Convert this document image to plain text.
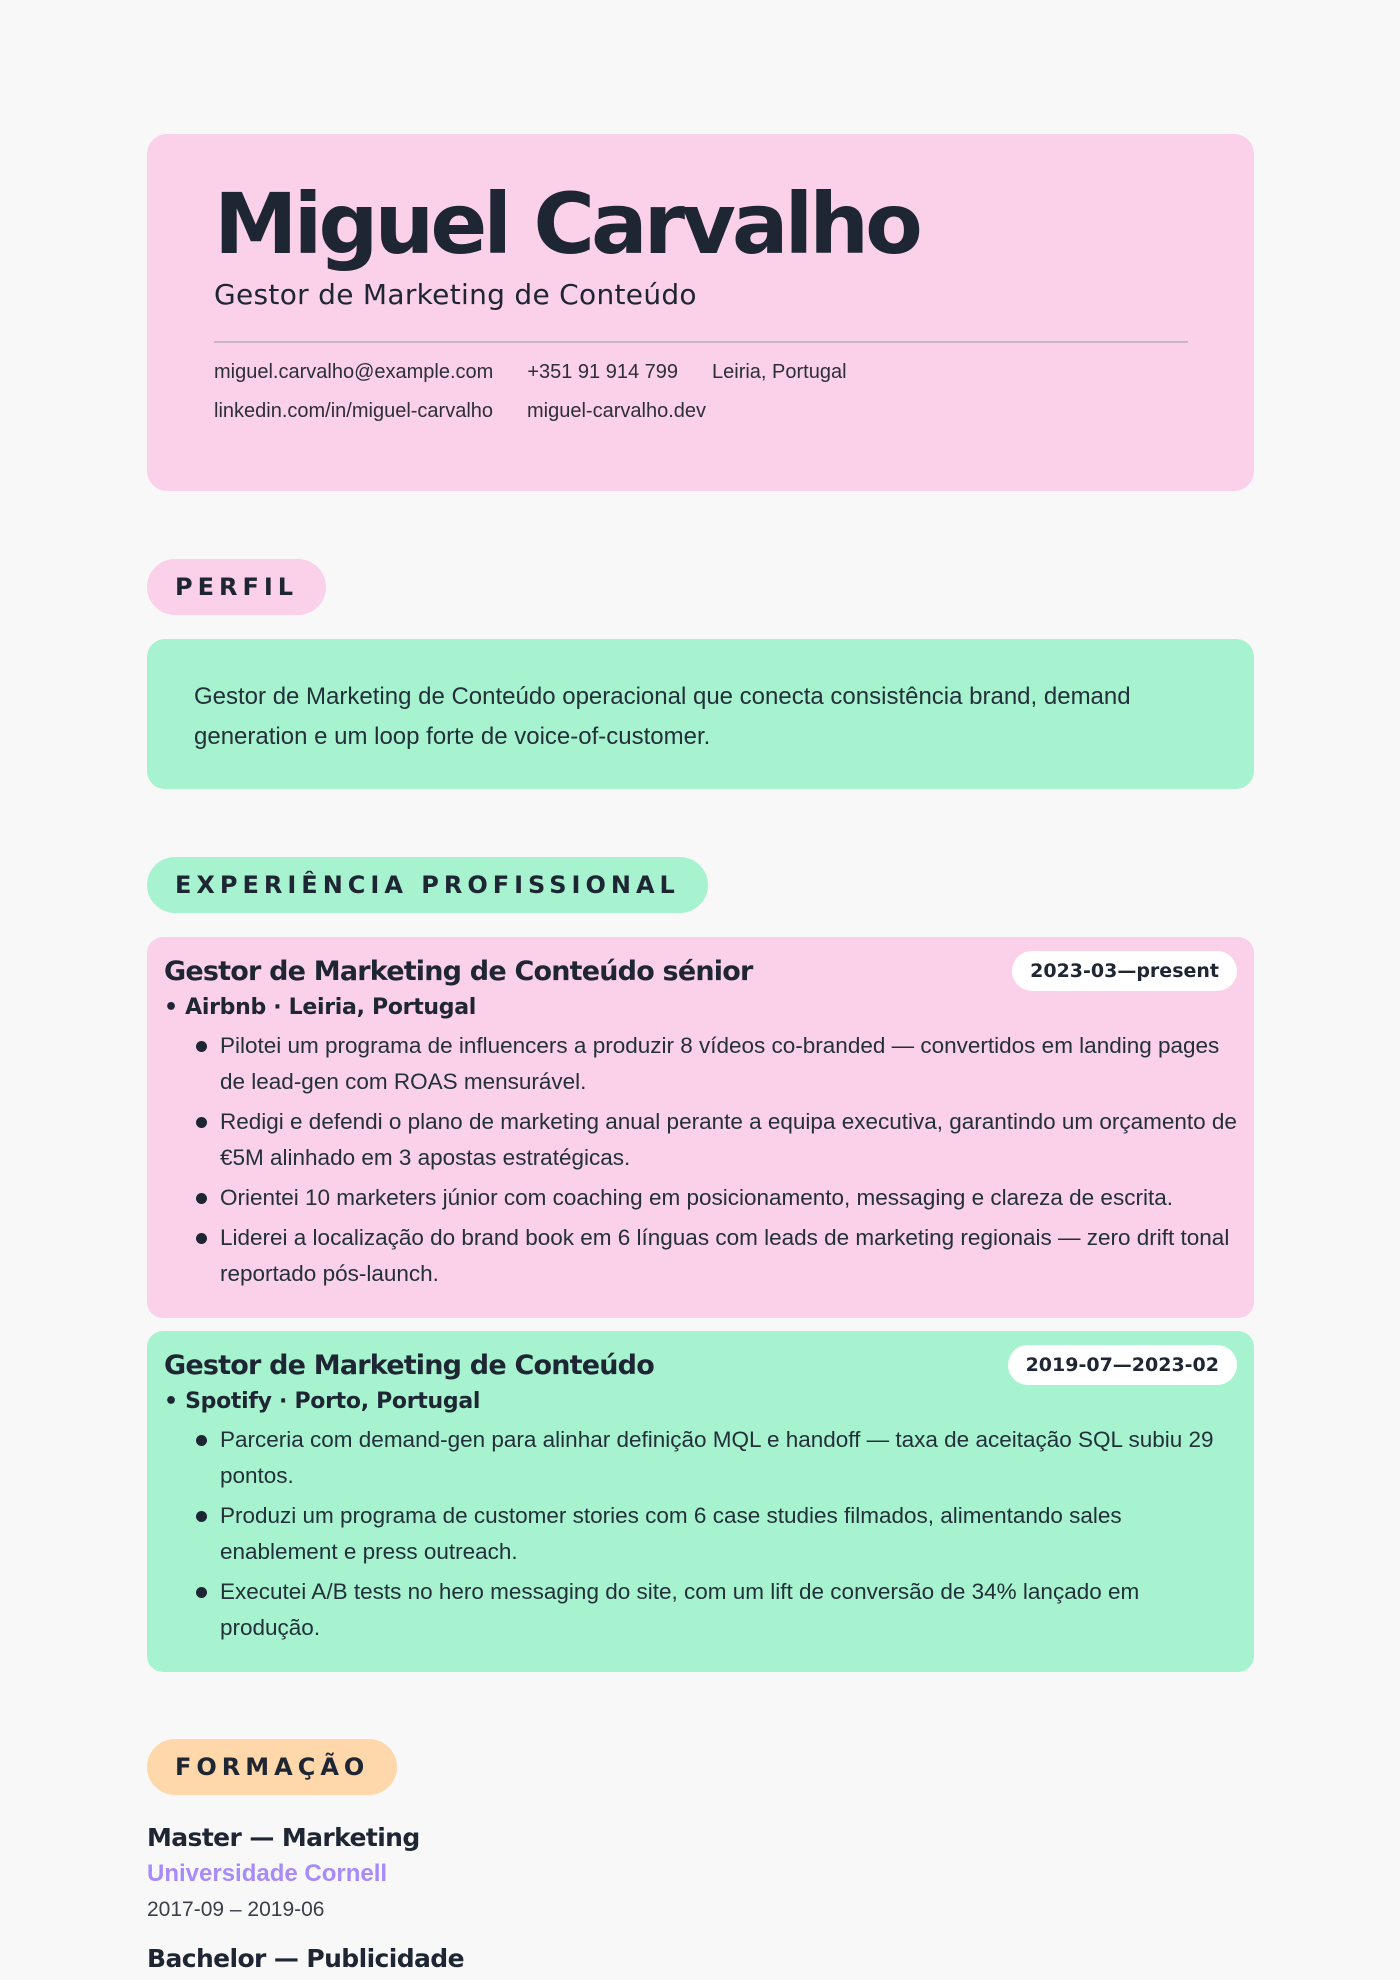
Miguel Carvalho
Gestor de Marketing de Conteúdo
miguel.carvalho@example.com +351 91 914 799 Leiria, Portugal
linkedin.com/in/miguel-carvalho miguel-carvalho.dev
PERFIL

Gestor de Marketing de Conteúdo operacional que conecta consistência brand, demand generation e um loop forte de voice-of-customer.

EXPERIÊNCIA PROFISSIONAL
Gestor de Marketing de Conteúdo sénior	2023-03—present
• Airbnb · Leiria, Portugal
Pilotei um programa de influencers a produzir 8 vídeos co-branded — convertidos em landing pages de lead-gen com ROAS mensurável.
Redigi e defendi o plano de marketing anual perante a equipa executiva, garantindo um orçamento de €5M alinhado em 3 apostas estratégicas.
Orientei 10 marketers júnior com coaching em posicionamento, messaging e clareza de escrita.
Liderei a localização do brand book em 6 línguas com leads de marketing regionais — zero drift tonal reportado pós-launch.
Gestor de Marketing de Conteúdo	2019-07—2023-02
• Spotify · Porto, Portugal
Parceria com demand-gen para alinhar definição MQL e handoff — taxa de aceitação SQL subiu 29 pontos.
Produzi um programa de customer stories com 6 case studies filmados, alimentando sales enablement e press outreach.
Executei A/B tests no hero messaging do site, com um lift de conversão de 34% lançado em produção.
FORMAÇÃO
Master — Marketing
Universidade Cornell
2017-09 – 2019-06
Bachelor — Publicidade
